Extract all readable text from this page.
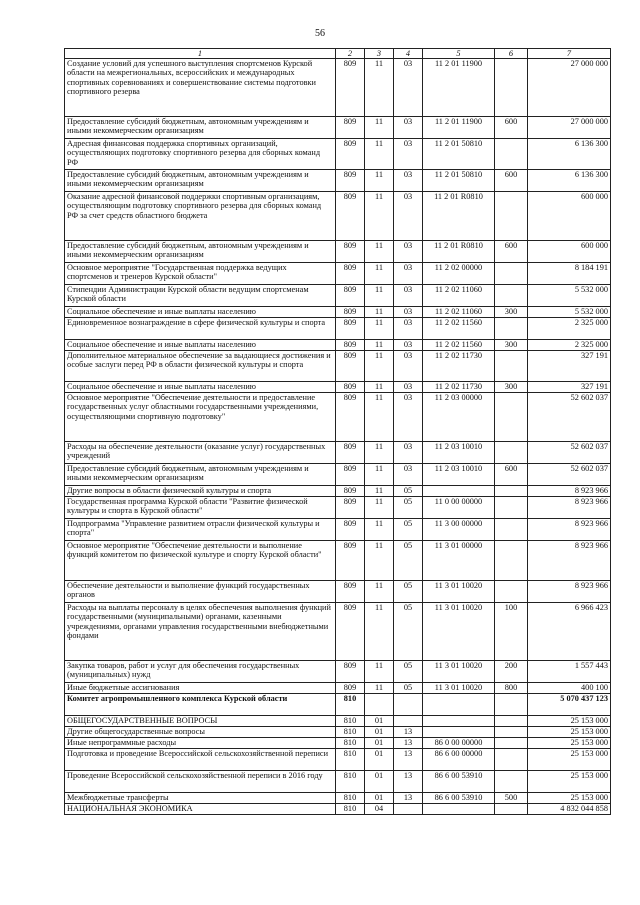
56
1	2	3	4	5	6	7
Создание условий для успешного выступления спортсменов Курской области на межрегиональных, всероссийских и международных спортивных соревнованиях и совершенствование системы подготовки спортивного резерва	809	11	03	11 2 01 11900		27 000 000
Предоставление субсидий бюджетным, автономным учреждениям и иными некоммерческим организациям	809	11	03	11 2 01 11900	600	27 000 000
Адресная финансовая поддержка спортивных организаций, осуществляющих подготовку спортивного резерва для сборных команд РФ	809	11	03	11 2 01 50810		6 136 300
Предоставление субсидий бюджетным, автономным учреждениям и иными некоммерческим организациям	809	11	03	11 2 01 50810	600	6 136 300
Оказание адресной финансовой поддержки спортивным организациям, осуществляющим подготовку спортивного резерва для сборных команд РФ за счет средств областного бюджета	809	11	03	11 2 01 R0810		600 000
Предоставление субсидий бюджетным, автономным учреждениям и иными некоммерческим организациям	809	11	03	11 2 01 R0810	600	600 000
Основное мероприятие "Государственная поддержка ведущих спортсменов и тренеров Курской области"	809	11	03	11 2 02 00000		8 184 191
Стипендии Администрации Курской области ведущим спортсменам Курской области	809	11	03	11 2 02 11060		5 532 000
Социальное обеспечение и иные выплаты населению	809	11	03	11 2 02 11060	300	5 532 000
Единовременное вознаграждение в сфере физической культуры и спорта	809	11	03	11 2 02 11560		2 325 000
Социальное обеспечение и иные выплаты населению	809	11	03	11 2 02 11560	300	2 325 000
Дополнительное материальное обеспечение за выдающиеся достижения и особые заслуги перед РФ в области физической культуры и спорта	809	11	03	11 2 02 11730		327 191
Социальное обеспечение и иные выплаты населению	809	11	03	11 2 02 11730	300	327 191
Основное мероприятие "Обеспечение деятельности и предоставление государственных услуг областными государственными учреждениями, осуществляющими спортивную подготовку"	809	11	03	11 2 03 00000		52 602 037
Расходы на обеспечение деятельности (оказание услуг) государственных учреждений	809	11	03	11 2 03 10010		52 602 037
Предоставление субсидий бюджетным, автономным учреждениям и иными некоммерческим организациям	809	11	03	11 2 03 10010	600	52 602 037
Другие вопросы в области физической культуры и спорта	809	11	05			8 923 966
Государственная программа Курской области "Развитие физической культуры и спорта в Курской области"	809	11	05	11 0 00 00000		8 923 966
Подпрограмма "Управление развитием отрасли физической культуры и спорта"	809	11	05	11 3 00 00000		8 923 966
Основное мероприятие "Обеспечение деятельности и выполнение функций комитетом по физической культуре и спорту Курской области"	809	11	05	11 3 01 00000		8 923 966
Обеспечение деятельности и выполнение функций государственных органов	809	11	05	11 3 01 10020		8 923 966
Расходы на выплаты персоналу в целях обеспечения выполнения функций государственными (муниципальными) органами, казенными учреждениями, органами управления государственными внебюджетными фондами	809	11	05	11 3 01 10020	100	6 966 423
Закупка товаров, работ и услуг для обеспечения государственных (муниципальных) нужд	809	11	05	11 3 01 10020	200	1 557 443
Иные бюджетные ассигнования	809	11	05	11 3 01 10020	800	400 100
Комитет агропромышленного комплекса Курской области	810					5 070 437 123
ОБЩЕГОСУДАРСТВЕННЫЕ ВОПРОСЫ	810	01				25 153 000
Другие общегосударственные вопросы	810	01	13			25 153 000
Иные непрограммные расходы	810	01	13	86 0 00 00000		25 153 000
Подготовка и проведение Всероссийской сельскохозяйственной переписи	810	01	13	86 6 00 00000		25 153 000
Проведение Всероссийской сельскохозяйственной переписи в 2016 году	810	01	13	86 6 00 53910		25 153 000
Межбюджетные трансферты	810	01	13	86 6 00 53910	500	25 153 000
НАЦИОНАЛЬНАЯ ЭКОНОМИКА	810	04				4 832 044 858
